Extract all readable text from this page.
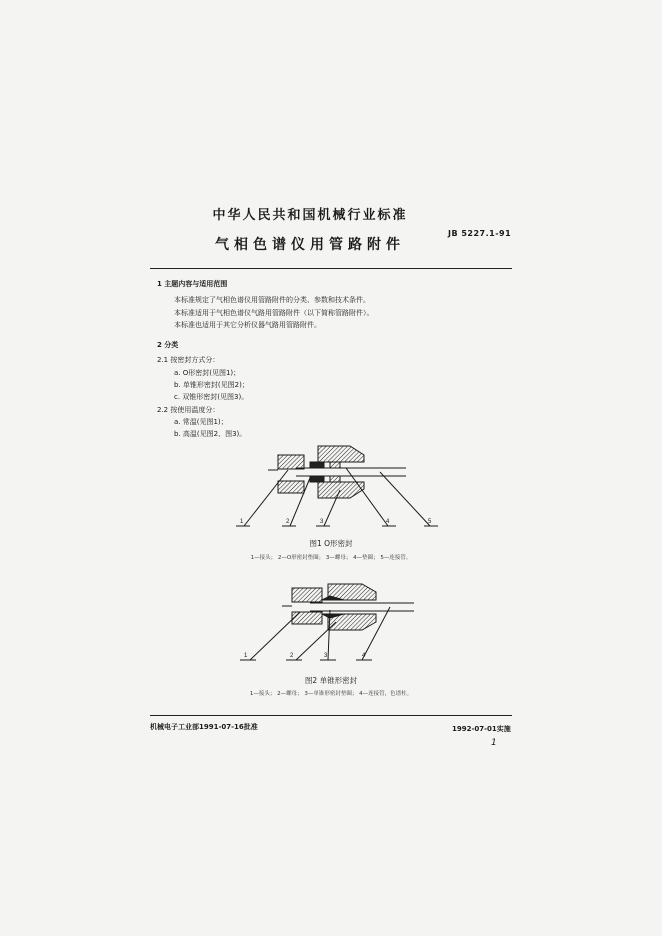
中华人民共和国机械行业标准
气相色谱仪用管路附件
JB 5227.1-91
1 主题内容与适用范围
本标准规定了气相色谱仪用管路附件的分类、参数和技术条件。
本标准适用于气相色谱仪气路用管路附件（以下简称管路附件）。
本标准也适用于其它分析仪器气路用管路附件。
2 分类
2.1 按密封方式分：
a. O形密封(见图1)；
b. 单锥形密封(见图2)；
c. 双锥形密封(见图3)。
2.2 按使用温度分：
a. 常温(见图1)；
b. 高温(见图2、图3)。
1	2	3	4	5
图1 O形密封
1—接头； 2—O形密封垫圈； 3—螺母； 4—垫圈； 5—连接管。
1	2	3	4
图2 单锥形密封
1—接头； 2—螺母； 3—单锥形密封垫圈； 4—连接管，色谱柱。
机械电子工业部1991-07-16批准	1992-07-01实施
1
